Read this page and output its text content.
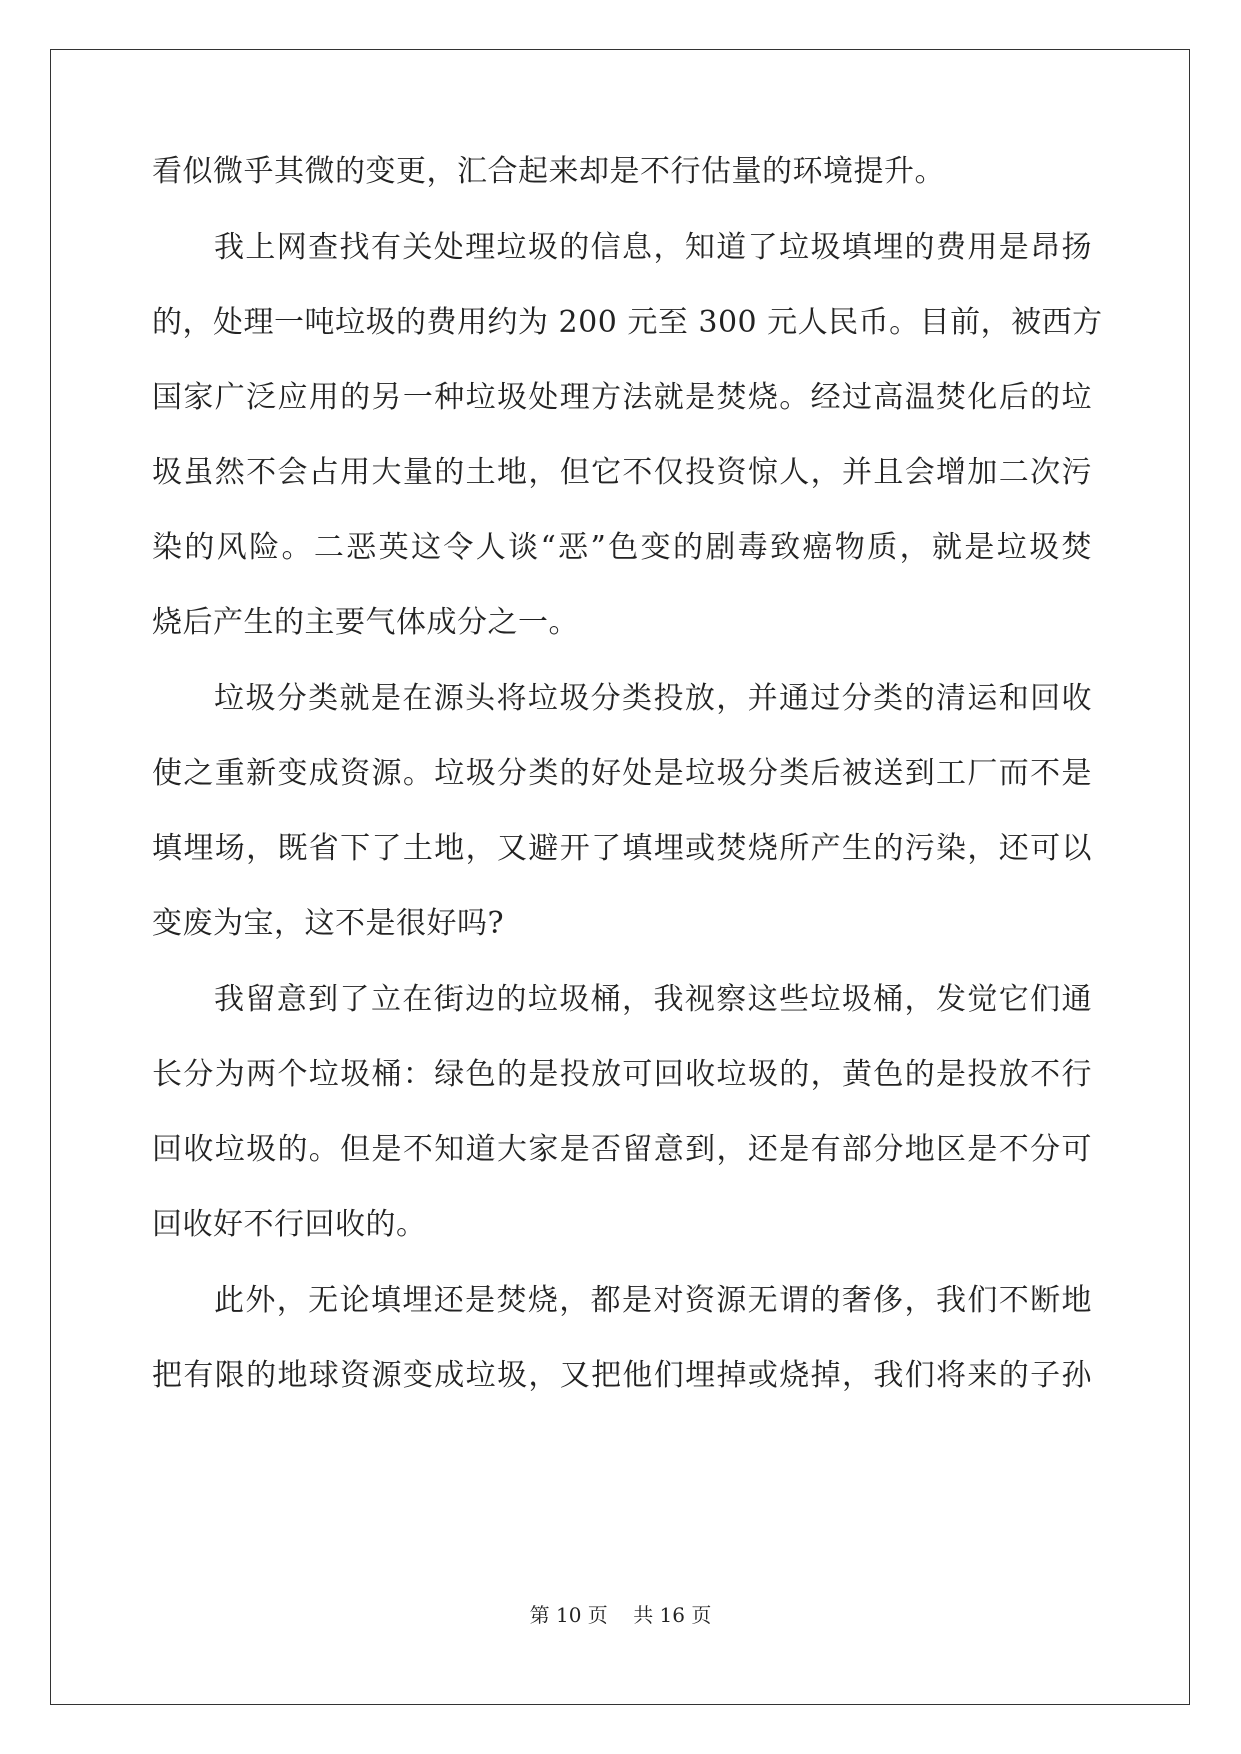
看似微乎其微的变更，汇合起来却是不行估量的环境提升。
我上网查找有关处理垃圾的信息，知道了垃圾填埋的费用是昂扬
的，处理一吨垃圾的费用约为 200 元至 300 元人民币。目前，被西方
国家广泛应用的另一种垃圾处理方法就是焚烧。经过高温焚化后的垃
圾虽然不会占用大量的土地，但它不仅投资惊人，并且会增加二次污
染的风险。二恶英这令人谈“恶”色变的剧毒致癌物质，就是垃圾焚
烧后产生的主要气体成分之一。
垃圾分类就是在源头将垃圾分类投放，并通过分类的清运和回收
使之重新变成资源。垃圾分类的好处是垃圾分类后被送到工厂而不是
填埋场，既省下了土地，又避开了填埋或焚烧所产生的污染，还可以
变废为宝，这不是很好吗?
我留意到了立在街边的垃圾桶，我视察这些垃圾桶，发觉它们通
长分为两个垃圾桶：绿色的是投放可回收垃圾的，黄色的是投放不行
回收垃圾的。但是不知道大家是否留意到，还是有部分地区是不分可
回收好不行回收的。
此外，无论填埋还是焚烧，都是对资源无谓的奢侈，我们不断地
把有限的地球资源变成垃圾，又把他们埋掉或烧掉，我们将来的子孙
第 10 页    共 16 页
